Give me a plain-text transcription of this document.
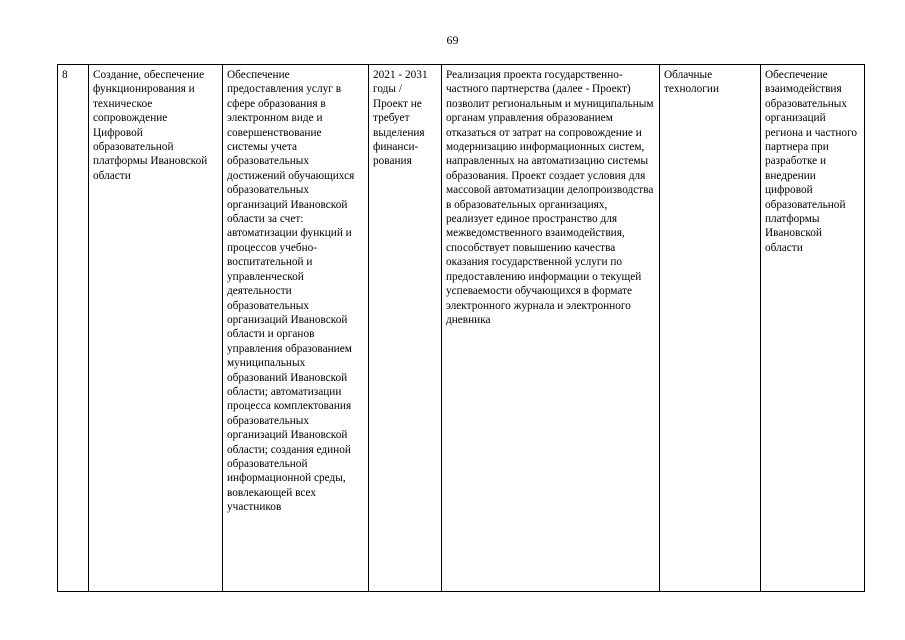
69
8	Создание, обеспечение функционирования и техническое сопровождение Цифровой образовательной платформы Ивановской области	Обеспечение предоставления услуг в сфере образования в электронном виде и совершенствование системы учета образовательных достижений обучающихся образовательных организаций Ивановской области за счет: автоматизации функций и процессов учебно-воспитательной и управленческой деятельности образовательных организаций Ивановской области и органов управления образованием муниципальных образований Ивановской области; автоматизации процесса комплектования образовательных организаций Ивановской области; создания единой образовательной информационной среды, вовлекающей всех участников	2021 - 2031 годы / Проект не требует выделения финанси-рования	Реализация проекта государственно-частного партнерства (далее - Проект) позволит региональным и муниципальным органам управления образованием отказаться от затрат на сопровождение и модернизацию информационных систем, направленных на автоматизацию системы образования. Проект создает условия для массовой автоматизации делопроизводства в образовательных организациях, реализует единое пространство для межведомственного взаимодействия, способствует повышению качества оказания государственной услуги по предоставлению информации о текущей успеваемости обучающихся в формате электронного журнала и электронного дневника	Облачные технологии	Обеспечение взаимодействия образовательных организаций региона и частного партнера при разработке и внедрении цифровой образовательной платформы Ивановской области
